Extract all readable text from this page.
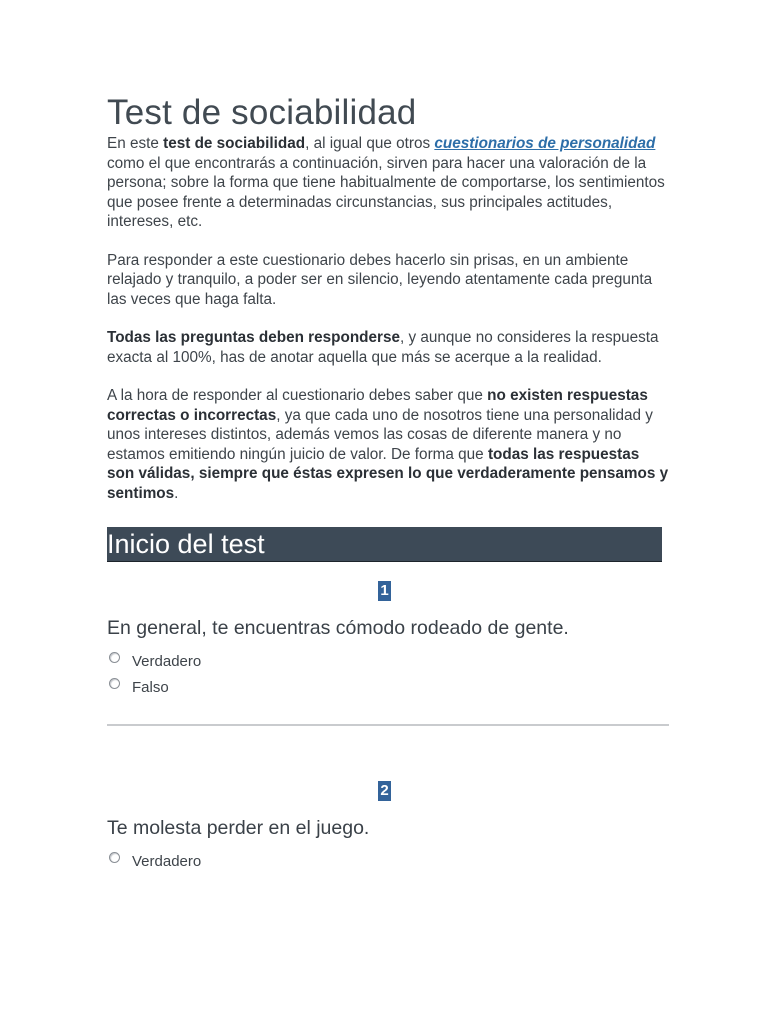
Test de sociabilidad

En este test de sociabilidad, al igual que otros cuestionarios de personalidad como el que encontrarás a continuación, sirven para hacer una valoración de la persona; sobre la forma que tiene habitualmente de comportarse, los sentimientos que posee frente a determinadas circunstancias, sus principales actitudes, intereses, etc.

Para responder a este cuestionario debes hacerlo sin prisas, en un ambiente relajado y tranquilo, a poder ser en silencio, leyendo atentamente cada pregunta las veces que haga falta.

Todas las preguntas deben responderse, y aunque no consideres la respuesta exacta al 100%, has de anotar aquella que más se acerque a la realidad.

A la hora de responder al cuestionario debes saber que no existen respuestas correctas o incorrectas, ya que cada uno de nosotros tiene una personalidad y unos intereses distintos, además vemos las cosas de diferente manera y no estamos emitiendo ningún juicio de valor. De forma que todas las respuestas son válidas, siempre que éstas expresen lo que verdaderamente pensamos y sentimos.

Inicio del test
1

En general, te encuentras cómodo rodeado de gente.

Verdadero
Falso
2

Te molesta perder en el juego.

Verdadero
